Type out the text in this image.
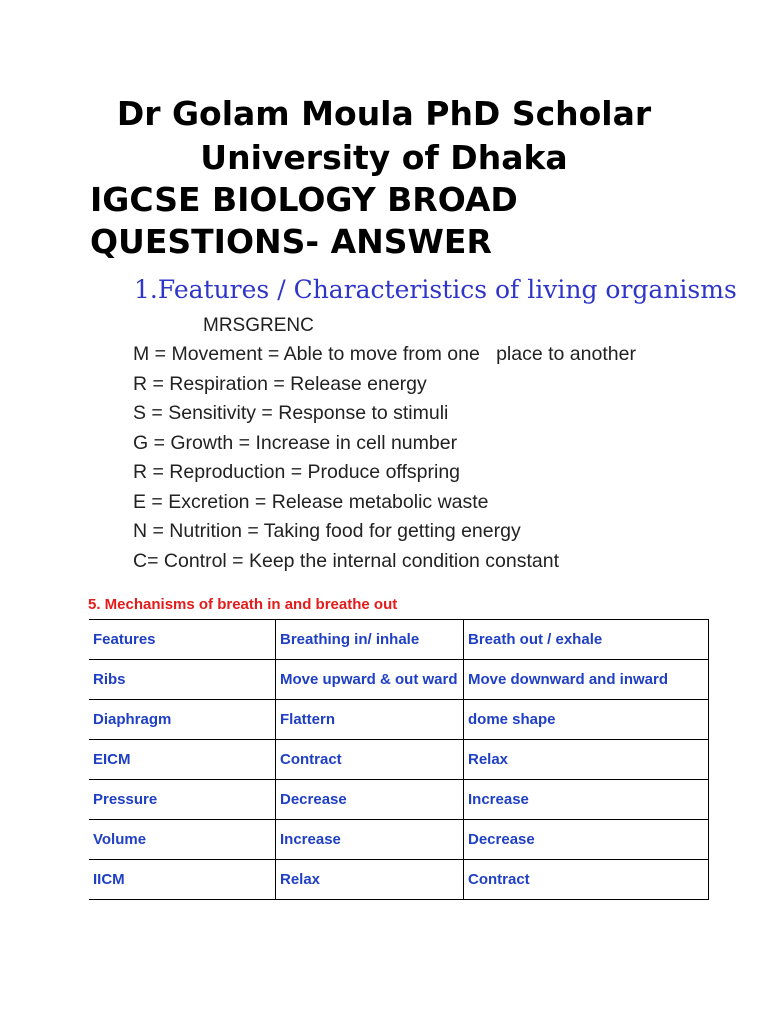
Dr Golam Moula PhD Scholar
University of Dhaka
IGCSE BIOLOGY BROAD
QUESTIONS- ANSWER
1.Features / Characteristics of living organisms
MRSGRENC
M = Movement = Able to move from one   place to another
R = Respiration = Release energy
S = Sensitivity = Response to stimuli
G = Growth = Increase in cell number
R = Reproduction = Produce offspring
E = Excretion = Release metabolic waste
N = Nutrition = Taking food for getting energy
C= Control = Keep the internal condition constant
5. Mechanisms of breath in and breathe out
Features	Breathing in/ inhale	Breath out / exhale
Ribs	Move upward & out ward	Move downward and inward
Diaphragm	Flattern	dome shape
EICM	Contract	Relax
Pressure	Decrease	Increase
Volume	Increase	Decrease
IICM	Relax	Contract
